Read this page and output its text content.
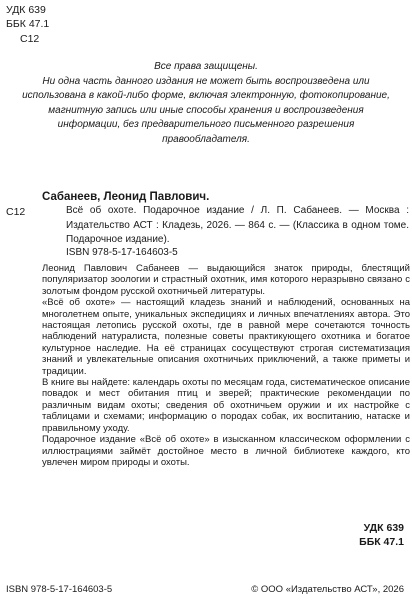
УДК 639
ББК 47.1
С12
Все права защищены.
Ни одна часть данного издания не может быть воспроизведена или использована в какой-либо форме, включая электронную, фотокопирование, магнитную запись или иные способы хранения и воспроизведения информации, без предварительного письменного разрешения правообладателя.
Сабанеев, Леонид Павлович.
С12	Всё об охоте. Подарочное издание / Л. П. Сабанеев. — Москва : Издательство АСТ : Кладезь, 2026. — 864 с. — (Классика в одном томе. Подарочное издание).
ISBN 978-5-17-164603-5

Леонид Павлович Сабанеев — выдающийся знаток природы, блестящий популяризатор зоологии и страстный охотник, имя которого неразрывно связано с золотым фондом русской охотничьей литературы.

«Всё об охоте» — настоящий кладезь знаний и наблюдений, основанных на многолетнем опыте, уникальных экспедициях и личных впечатлениях автора. Это настоящая летопись русской охоты, где в равной мере сочетаются точность наблюдений натуралиста, полезные советы практикующего охотника и богатое культурное наследие. На её страницах сосуществуют строгая систематизация знаний и увлекательные описания охотничьих приключений, а также приметы и традиции.

В книге вы найдете: календарь охоты по месяцам года, систематическое описание повадок и мест обитания птиц и зверей; практические рекомендации по различным видам охоты; сведения об охотничьем оружии и их настройке с таблицами и схемами; информацию о породах собак, их воспитанию, натаске и правильному уходу.

Подарочное издание «Всё об охоте» в изысканном классическом оформлении с иллюстрациями займёт достойное место в личной библиотеке каждого, кто увлечен миром природы и охоты.

УДК 639
ББК 47.1
ISBN 978-5-17-164603-5	© ООО «Издательство АСТ», 2026
